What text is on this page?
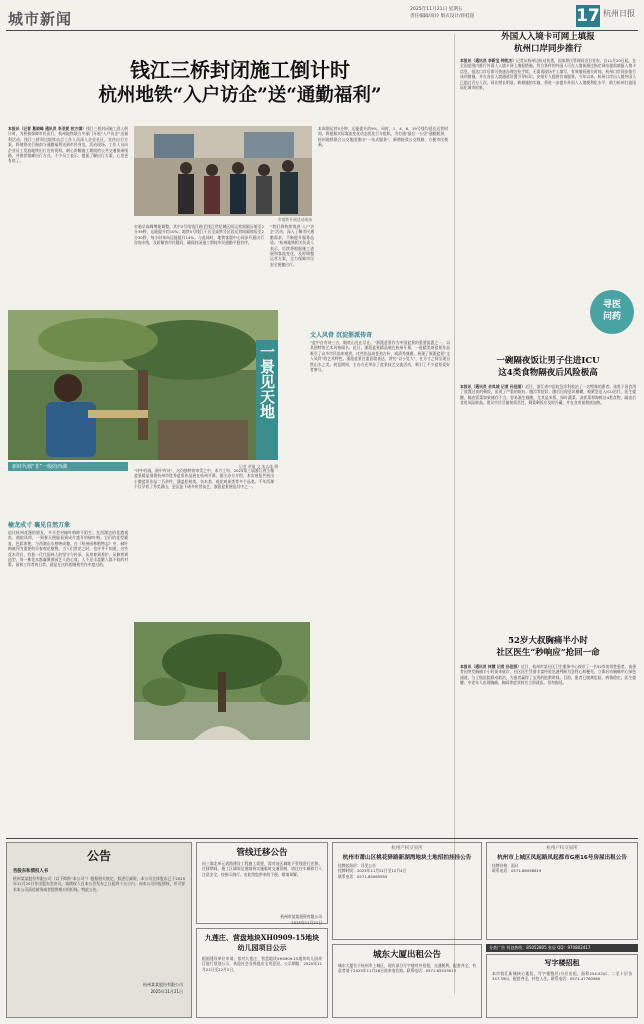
城市新闻
2025年11月21日 星期五
责任编辑/高玲 版式设计/蒋桂超	17 杭州日报
钱江三桥封闭施工倒计时
杭州地铁“入户访企”送“通勤福利”
本报讯（记者 葛晓峰 通讯员 李亚妮 杭方娟）钱江三桥封闭施工进入倒计时，为积极保障市民出行，杭州地铁联合多部门开展“入户访企”送福利活动，钱江三桥周边地铁站点工作人员深入企业社区，宣传出行方案，将地铁出行指南与通勤福利送到市民身边。活动现场，工作人员向企业员工发放地铁出行宣传资料，耐心讲解施工期间的公共交通换乘线路，并推荐错峰出行方式。不少员工表示，提前了解出行方案，心里更有底了。
市地铁开展活动现场
实施早高峰增能调整。其中2号线钱江路至钱江世纪城区间运营间隔压缩至2分39秒，运能提升约10%；地铁5号线江干区至高铁号区段运营间隔缩短至2分30秒，每小时单向运能提升14%。与此同时，地铁客服中心同步开通出行咨询专线，及时解答市民疑问，确保封闭施工期间市民通勤平稳有序。
本周期运营5分钟，运能提升约9%。同时，1、4、6、19号线均延长运营时间，将根据实际客流变化动态优化行车组织。为打通“最后一公里”通勤瓶颈，杭州地铁联合公交集团推出“一站式服务”，新增接驳公交线路，方便市民换乘。
“我们将持续推进‘入户访企’活动，深入了解市民通勤需求，不断提升服务品质。”杭州地铁相关负责人表示，后续将根据施工进展和客流变化，及时调整运营方案，全力保障市民安全便捷出行。
一景见天地
记者 余倩 文 朱志练 摄
新时代城“非”一般的西湖
榆龙成寸 襄见自然万象
追比杭州花漫的朋友，多半会对榆叶梅抑不陌生。在西湖边的花港观鱼、曲院风荷，一到春天便能看到成片盛开的榆叶梅。它们的花型繁复，色彩浓艳，与西湖山水相映成趣。在《杭州园林植物志》中，榆叶梅被列为重要的早春观花植物。当人们赏花之时，也许并不知道，这些花木背后，有着一代代园林人的坚守与传承。从培育到养护，从修剪到造型，每一株花木都凝聚着园艺人的心血。人不足丰盈繁人都不妨的对策，园林工作者的日常，就是在这样的细致劳作中度过的。
“诗中有画，画中有诗”，这份独特的审美之中，本月上旬，2025第三届浙江省小微盆景精品展暨杭州市优秀盆景作品展在杭州开幕。据主办方介绍，本次展览共展出小微盆景作品二百余件，涵盖松柏类、杂木类、观花观果类等多个品类。千年西湖不仅孕育了秀美湖山，更沉淀下诸多传世技艺，浙派盆景便是其中之一。
文人风骨 沉淀浙派传奇
“盆中自有诗三古，眼底山光在尽在。”浙派盆景作为中国盆景的重要流派之一，以其独特的艺术风格闻名。近日，浙派盆景精品展在杭州开幕，一批精美的盆景作品吸引了众多市民前来观赏。这些作品或苍劲古朴，或清秀典雅，展现了浙派盆景“文人风骨”的艺术特色。浙派盆景注重意境表达，讲究“以小见大”，在方寸之间呈现自然山水之美。展览期间，主办方还举办了盆景技艺交流活动，吸引了不少盆景爱好者参与。
外国人入境卡可网上填报
杭州口岸同步推行
本报讯（通讯员 李新宝 钟凯杰）记者从杭州边检站获悉，国家移民管理局近日宣布，自11月20日起，在全国范围内推行外国人入境卡网上填报措施。符合条件的外国人可在入境前通过指定网站提前填报入境卡信息，抵达口岸后即可快速办理边检手续，无需再现场手工填写，有效缩短通关时间。杭州口岸同步推行该项措施，并在各出入境通道设置引导标识，安排专人提供咨询服务。今年以来，杭州口岸出入境外国人已超过百万人次，同比增长明显。新措施的实施，将进一步提升外国人入境便利化水平，助力杭州打造国际化城市形象。
寻医
问药
一碗隔夜饭让男子住进ICU
这4类食物隔夜后风险极高
本报讯（通讯员 余凤城 记者 孙佳丽）近日，浙江省中医院急诊科收治了一名特殊的患者。该男子因食用了放置过夜的剩饭，出现了严重的呕吐、腹泻等症状，随后出现意识模糊，被紧急送入ICU治疗。医生提醒，隔夜饭菜如果储存不当，容易滋生细菌，尤其是米饭、绿叶蔬菜、凉拌菜和海鲜这4类食物，隔夜后食用风险极高。建议市民尽量按需烹饪，剩菜剩饭应及时冷藏，并在食用前彻底加热。
52岁大叔胸痛半小时
社区医生“秒响应”抢回一命
本报讯（通讯员 林慧 记者 孙佳丽）近日，杭州市某社区卫生服务中心接诊了一名52岁的男性患者。该患者因突发胸痛半小时前来就诊，社区医生凭借丰富经验迅速判断为急性心肌梗死，立即启动胸痛中心绿色通道，与上级医院联动救治，为患者赢得了宝贵的抢救时间。目前，患者已脱离危险，病情稳定。医生提醒，中老年人出现胸痛、胸闷等症状时应立即就医，切勿拖延。
公告
告股东和债权人书
杭州某某股份有限公司（以下简称“本公司”）根据相关规定，拟进行减资。本公司全体股东已于2025年11月20日作出股东会决议。请债权人自本公告发布之日起四十五日内，向本公司申报债权，并可要求本公司清偿债务或者提供相应的担保。特此公告。
杭州某某股份有限公司
2025年11月21日
管线迁移公告
因三墩北单元道路建设工程施工需要，需对该区域地下管线进行迁移。迁移期间，施工区域周边道路将实施临时交通管制，请过往车辆和行人注意安全，按指示绕行。由此给您带来的不便，敬请谅解。
杭州市某某投资有限公司
2025年11月21日
九莲庄、营盘地块XH0909-15地块
幼儿园项目公示
根据建设单位申请，拟对九莲庄、营盘地块XH0909-15地块幼儿园项目进行规划公示，欢迎社会各界提出宝贵意见。公示期限：2025年11月21日至12月5日。
杭州产权交易所
杭州市萧山区桃花驿路新湖湾地块土地招拍挂挂公告
挂牌起始价：详见公告
挂牌时间：2025年11月21日至12月4日
联系电话：0571-85065955
杭州产权交易所
杭州市上城区凤起路凤起都市G座16号房屋出租公告
挂牌价格：面议
联系电话：0571-88058819
城东大厦出租公告
城东大厦位于杭州市上城区，现有部分写字楼对外招租，交通便利，配套齐全。有意者请于2025年11月28日前来电咨询。联系电话：0571-85529013
分类广告 刊登热线：85052805 张辰 QQ：970802417
写字楼招租
本市钱江新城核心地段，写字楼整层/分层出租，面积254.52㎡、二至十层各347.39㎡，配套齐全，拎包入住。联系电话：0571-47760960
